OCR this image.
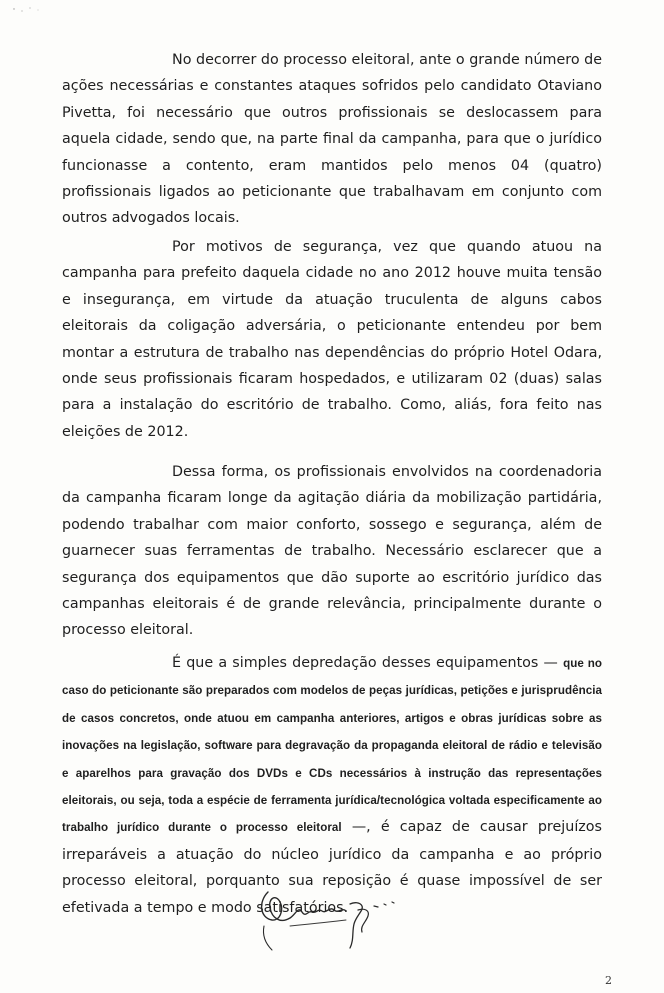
No decorrer do processo eleitoral, ante o grande número de ações necessárias e constantes ataques sofridos pelo candidato Otaviano Pivetta, foi necessário que outros profissionais se deslocassem para aquela cidade, sendo que, na parte final da campanha, para que o jurídico funcionasse a contento, eram mantidos pelo menos 04 (quatro) profissionais ligados ao peticionante que trabalhavam em conjunto com outros advogados locais.

Por motivos de segurança, vez que quando atuou na campanha para prefeito daquela cidade no ano 2012 houve muita tensão e insegurança, em virtude da atuação truculenta de alguns cabos eleitorais da coligação adversária, o peticionante entendeu por bem montar a estrutura de trabalho nas dependências do próprio Hotel Odara, onde seus profissionais ficaram hospedados, e utilizaram 02 (duas) salas para a instalação do escritório de trabalho. Como, aliás, fora feito nas eleições de 2012.

Dessa forma, os profissionais envolvidos na coordenadoria da campanha ficaram longe da agitação diária da mobilização partidária, podendo trabalhar com maior conforto, sossego e segurança, além de guarnecer suas ferramentas de trabalho. Necessário esclarecer que a segurança dos equipamentos que dão suporte ao escritório jurídico das campanhas eleitorais é de grande relevância, principalmente durante o processo eleitoral.

É que a simples depredação desses equipamentos — que no caso do peticionante são preparados com modelos de peças jurídicas, petições e jurisprudência de casos concretos, onde atuou em campanha anteriores, artigos e obras jurídicas sobre as inovações na legislação, software para degravação da propaganda eleitoral de rádio e televisão e aparelhos para gravação dos DVDs e CDs necessários à instrução das representações eleitorais, ou seja, toda a espécie de ferramenta jurídica/tecnológica voltada especificamente ao trabalho jurídico durante o processo eleitoral —, é capaz de causar prejuízos irreparáveis a atuação do núcleo jurídico da campanha e ao próprio processo eleitoral, porquanto sua reposição é quase impossível de ser efetivada a tempo e modo satisfatórios.

2
